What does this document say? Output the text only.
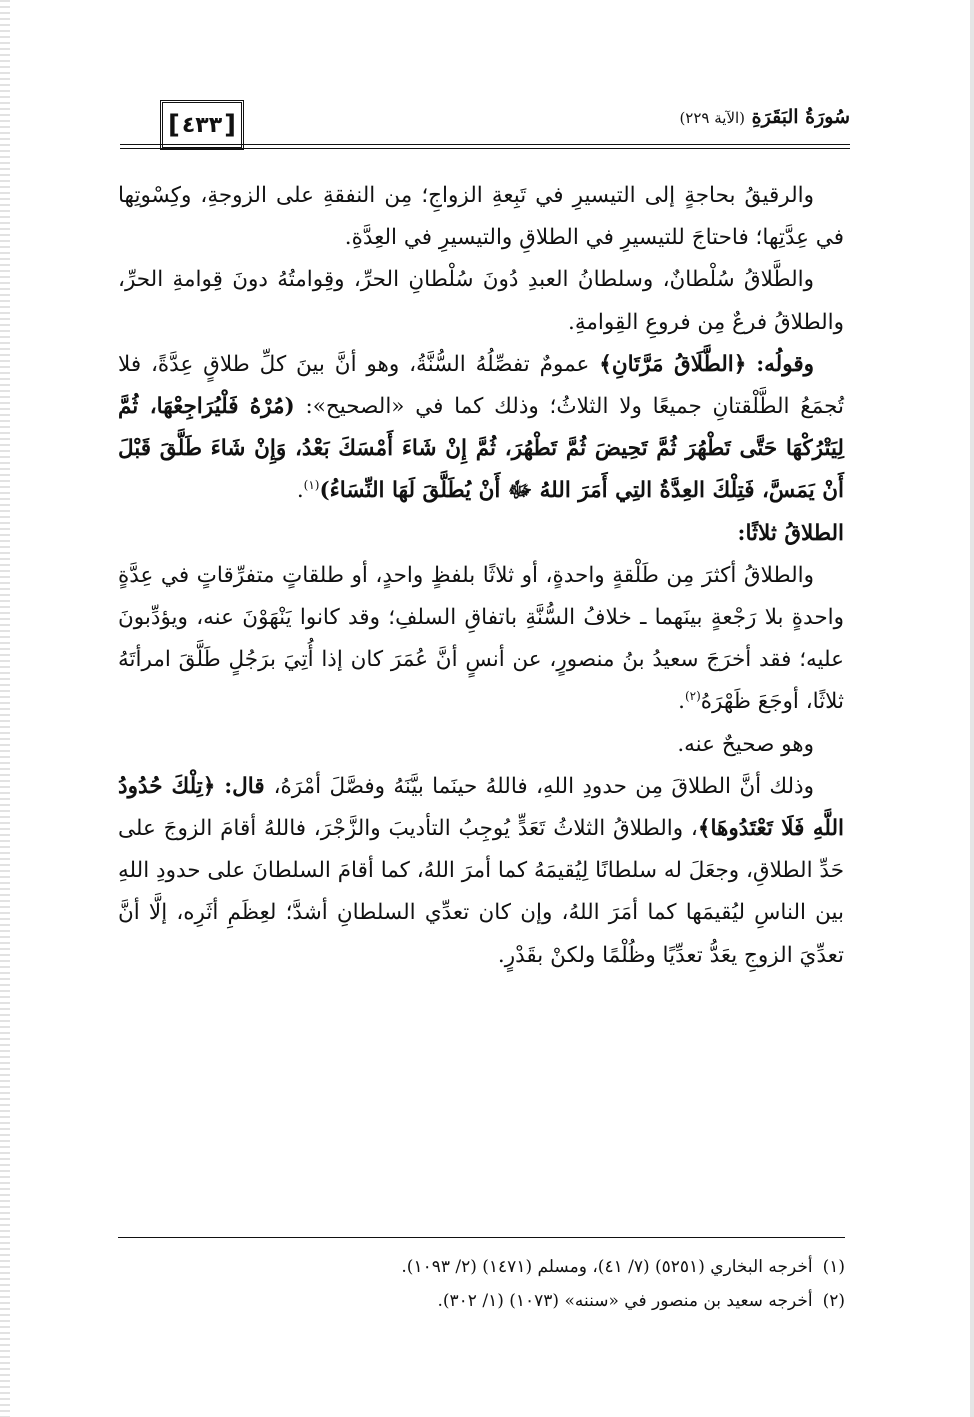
[ ٤٣٣ ]	سُورَةُ البَقَرَةِ (الآية ٢٢٩)

والرقيقُ بحاجةٍ إلى التيسيرِ في تَبِعةِ الزواجِ؛ مِن النفقةِ على الزوجةِ، وكِسْوتِها في عِدَّتِها؛ فاحتاجَ للتيسيرِ في الطلاقِ والتيسيرِ في العِدَّةِ.

والطَّلاقُ سُلْطانٌ، وسلطانُ العبدِ دُونَ سُلْطانِ الحرِّ، وقِوامتُهُ دونَ قِوامةِ الحرِّ، والطلاقُ فرعٌ مِن فروعِ القِوامةِ.

وقولُه: ﴿الطَّلَاقُ مَرَّتَانِ﴾ عمومٌ تفصِّلُهُ السُّنَّةُ، وهو أنَّ بينَ كلِّ طلاقٍ عِدَّةً، فلا تُجمَعُ الطَّلْقتانِ جميعًا ولا الثلاثُ؛ وذلك كما في «الصحيح»: (مُرْهُ فَلْيُرَاجِعْهَا، ثُمَّ لِيَتْرُكْهَا حَتَّى تَطْهُرَ ثُمَّ تَحِيضَ ثُمَّ تَطْهُرَ، ثُمَّ إِنْ شَاءَ أَمْسَكَ بَعْدُ، وَإِنْ شَاءَ طَلَّقَ قَبْلَ أَنْ يَمَسَّ، فَتِلْكَ العِدَّةُ التِي أَمَرَ اللهُ ﷻ أَنْ يُطَلَّقَ لَهَا النِّسَاءُ)$^{(١)}$.

الطلاقُ ثلاثًا:

والطلاقُ أكثرَ مِن طَلْقةٍ واحدةٍ، أو ثلاثًا بلفظٍ واحدٍ، أو طلقاتٍ متفرِّقاتٍ في عِدَّةٍ واحدةٍ بلا رَجْعةٍ بينَهما ـ خلافُ السُّنَّةِ باتفاقِ السلفِ؛ وقد كانوا يَنْهَوْنَ عنه، ويؤدِّبونَ عليه؛ فقد أخرَجَ سعيدُ بنُ منصورٍ، عن أنسٍ أنَّ عُمَرَ كان إذا أُتِيَ برَجُلٍ طَلَّقَ امرأتَهُ ثلاثًا، أوجَعَ ظَهْرَهُ$^{(٢)}$.

وهو صحيحٌ عنه.

وذلك أنَّ الطلاقَ مِن حدودِ اللهِ، فاللهُ حينَما بيَّنَهُ وفصَّلَ أمْرَهُ، قال: ﴿تِلْكَ حُدُودُ اللَّهِ فَلَا تَعْتَدُوهَا﴾، والطلاقُ الثلاثُ تَعَدٍّ يُوجِبُ التأديبَ والزَّجْرَ، فاللهُ أقامَ الزوجَ على حَدِّ الطلاقِ، وجعَلَ له سلطانًا لِيُقيمَهُ كما أمرَ اللهُ، كما أقامَ السلطانَ على حدودِ اللهِ بين الناسِ ليُقيمَها كما أمَرَ اللهُ، وإن كان تعدِّي السلطانِ أشدَّ؛ لعِظَمِ أثَرِه، إلَّا أنَّ تعدِّيَ الزوجِ يعَدُّ تعدِّيًا وظُلْمًا ولكنْ بقَدْرٍ.

(١)أخرجه البخاري (٥٢٥١) (٧/ ٤١)، ومسلم (١٤٧١) (٢/ ١٠٩٣).
(٢)أخرجه سعيد بن منصور في «سننه» (١٠٧٣) (١/ ٣٠٢).
